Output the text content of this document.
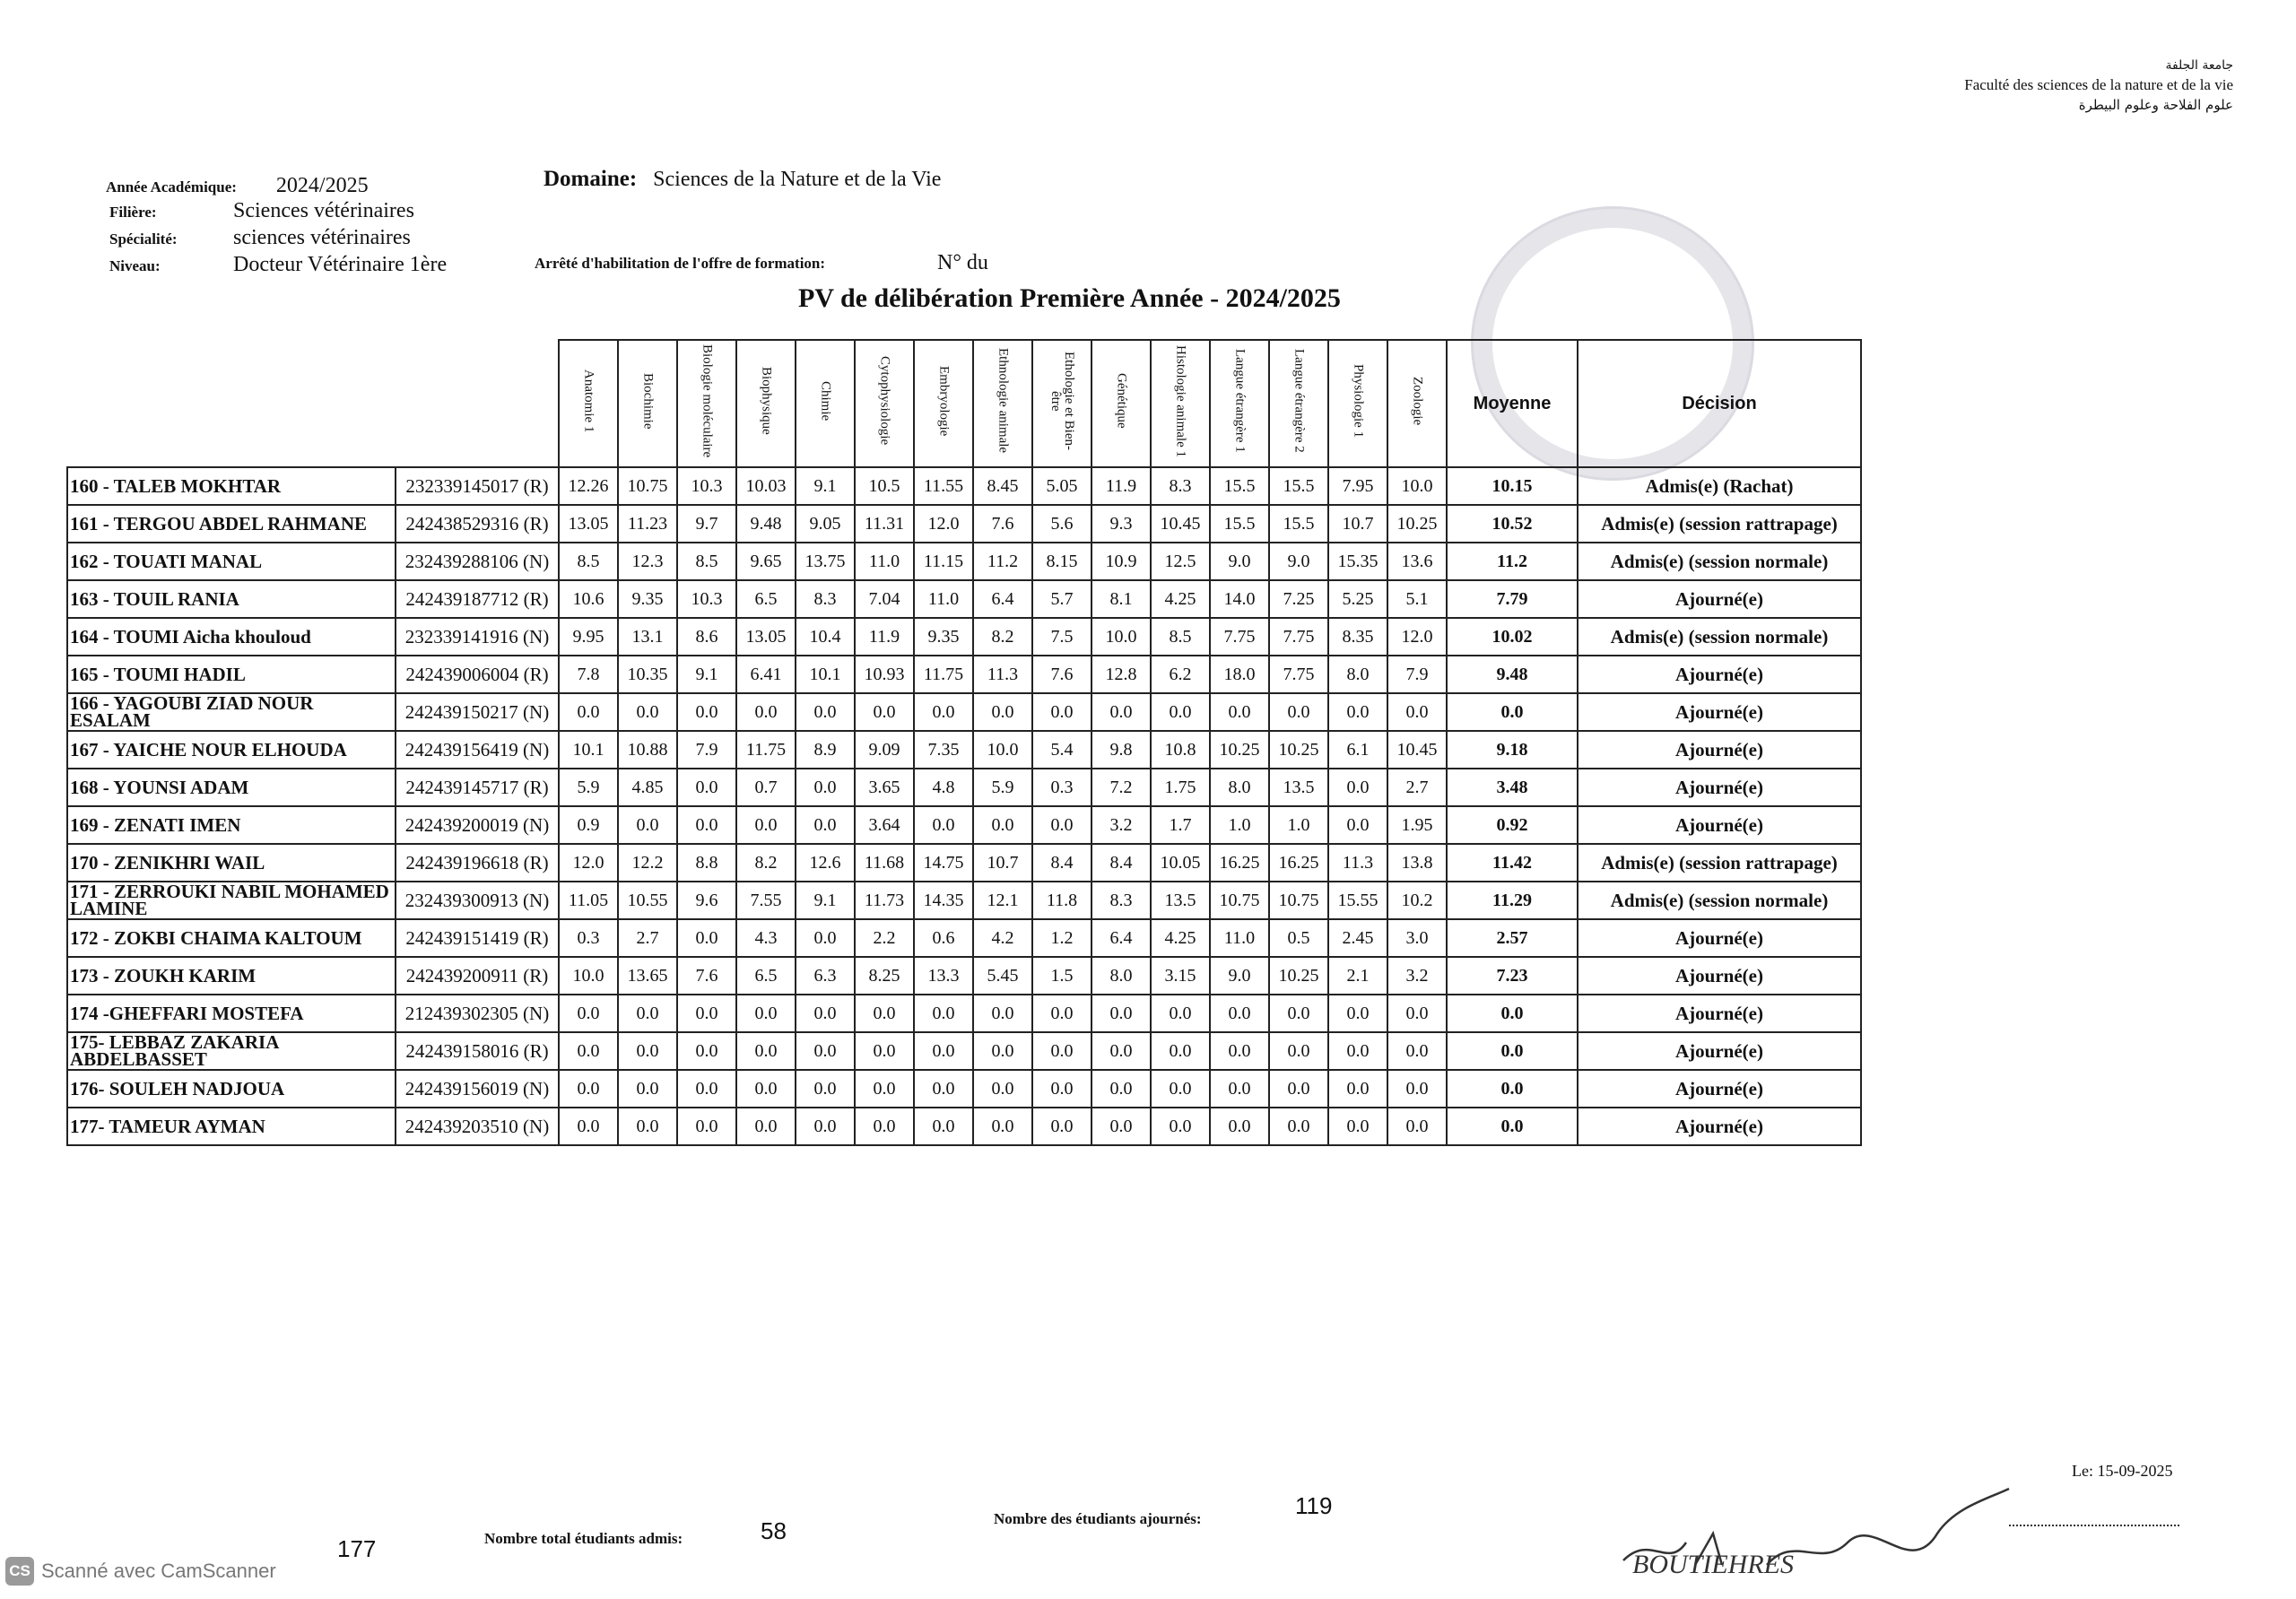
جامعة الجلفة
Faculté des sciences de la nature et de la vie
علوم الفلاحة وعلوم البيطرة
Année Académique: 2024/2025
Filière:	Sciences vétérinaires
Spécialité:	sciences vétérinaires
Niveau:	Docteur Vétérinaire 1ère
Domaine: Sciences de la Nature et de la Vie
Arrêté d'habilitation de l'offre de formation:	N° du
PV de délibération Première Année - 2024/2025
		Anatomie 1	Biochimie	Biologie moléculaire	Biophysique	Chimie	Cytophysiologie	Embryologie	Ethnologie animale	Ethologie et Bien-être	Génétique	Histologie animale 1	Langue étrangère 1	Langue étrangère 2	Physiologie 1	Zoologie	Moyenne	Décision
160 - TALEB MOKHTAR	232339145017 (R)	12.26	10.75	10.3	10.03	9.1	10.5	11.55	8.45	5.05	11.9	8.3	15.5	15.5	7.95	10.0	10.15	Admis(e) (Rachat)
161 - TERGOU ABDEL RAHMANE	242438529316 (R)	13.05	11.23	9.7	9.48	9.05	11.31	12.0	7.6	5.6	9.3	10.45	15.5	15.5	10.7	10.25	10.52	Admis(e) (session rattrapage)
162 - TOUATI MANAL	232439288106 (N)	8.5	12.3	8.5	9.65	13.75	11.0	11.15	11.2	8.15	10.9	12.5	9.0	9.0	15.35	13.6	11.2	Admis(e) (session normale)
163 - TOUIL RANIA	242439187712 (R)	10.6	9.35	10.3	6.5	8.3	7.04	11.0	6.4	5.7	8.1	4.25	14.0	7.25	5.25	5.1	7.79	Ajourné(e)
164 - TOUMI Aicha khouloud	232339141916 (N)	9.95	13.1	8.6	13.05	10.4	11.9	9.35	8.2	7.5	10.0	8.5	7.75	7.75	8.35	12.0	10.02	Admis(e) (session normale)
165 - TOUMI HADIL	242439006004 (R)	7.8	10.35	9.1	6.41	10.1	10.93	11.75	11.3	7.6	12.8	6.2	18.0	7.75	8.0	7.9	9.48	Ajourné(e)
166 - YAGOUBI ZIAD NOUR ESALAM	242439150217 (N)	0.0	0.0	0.0	0.0	0.0	0.0	0.0	0.0	0.0	0.0	0.0	0.0	0.0	0.0	0.0	0.0	Ajourné(e)
167 - YAICHE NOUR ELHOUDA	242439156419 (N)	10.1	10.88	7.9	11.75	8.9	9.09	7.35	10.0	5.4	9.8	10.8	10.25	10.25	6.1	10.45	9.18	Ajourné(e)
168 - YOUNSI ADAM	242439145717 (R)	5.9	4.85	0.0	0.7	0.0	3.65	4.8	5.9	0.3	7.2	1.75	8.0	13.5	0.0	2.7	3.48	Ajourné(e)
169 - ZENATI IMEN	242439200019 (N)	0.9	0.0	0.0	0.0	0.0	3.64	0.0	0.0	0.0	3.2	1.7	1.0	1.0	0.0	1.95	0.92	Ajourné(e)
170 - ZENIKHRI WAIL	242439196618 (R)	12.0	12.2	8.8	8.2	12.6	11.68	14.75	10.7	8.4	8.4	10.05	16.25	16.25	11.3	13.8	11.42	Admis(e) (session rattrapage)
171 - ZERROUKI NABIL MOHAMED LAMINE	232439300913 (N)	11.05	10.55	9.6	7.55	9.1	11.73	14.35	12.1	11.8	8.3	13.5	10.75	10.75	15.55	10.2	11.29	Admis(e) (session normale)
172 - ZOKBI CHAIMA KALTOUM	242439151419 (R)	0.3	2.7	0.0	4.3	0.0	2.2	0.6	4.2	1.2	6.4	4.25	11.0	0.5	2.45	3.0	2.57	Ajourné(e)
173 - ZOUKH KARIM	242439200911 (R)	10.0	13.65	7.6	6.5	6.3	8.25	13.3	5.45	1.5	8.0	3.15	9.0	10.25	2.1	3.2	7.23	Ajourné(e)
174 -GHEFFARI MOSTEFA	212439302305 (N)	0.0	0.0	0.0	0.0	0.0	0.0	0.0	0.0	0.0	0.0	0.0	0.0	0.0	0.0	0.0	0.0	Ajourné(e)
175- LEBBAZ ZAKARIA ABDELBASSET	242439158016 (R)	0.0	0.0	0.0	0.0	0.0	0.0	0.0	0.0	0.0	0.0	0.0	0.0	0.0	0.0	0.0	0.0	Ajourné(e)
176- SOULEH NADJOUA	242439156019 (N)	0.0	0.0	0.0	0.0	0.0	0.0	0.0	0.0	0.0	0.0	0.0	0.0	0.0	0.0	0.0	0.0	Ajourné(e)
177- TAMEUR AYMAN	242439203510 (N)	0.0	0.0	0.0	0.0	0.0	0.0	0.0	0.0	0.0	0.0	0.0	0.0	0.0	0.0	0.0	0.0	Ajourné(e)
177	Nombre total étudiants admis:	58	Nombre des étudiants ajournés:	119
Le: 15-09-2025
BOUTIEHRES
CS Scanné avec CamScanner
